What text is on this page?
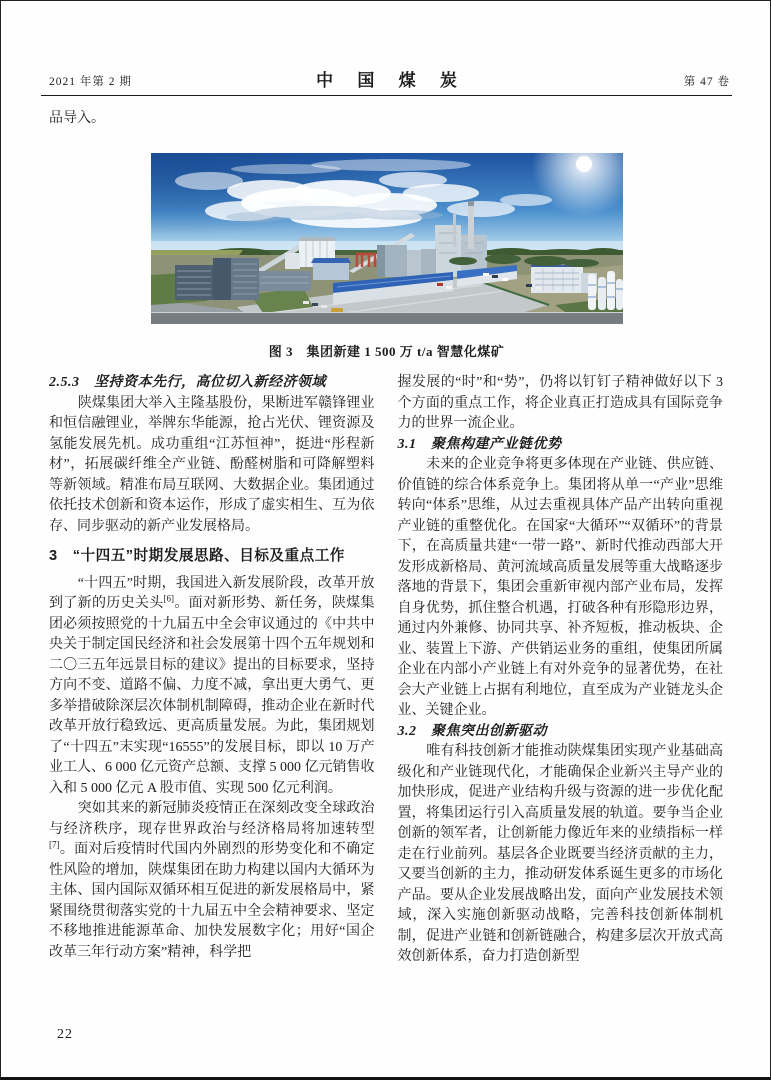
2021 年第 2 期	中 国 煤 炭	第 47 卷
品导入。
图 3　集团新建 1 500 万 t/a 智慧化煤矿

2.5.3　坚持资本先行，高位切入新经济领域

陕煤集团大举入主隆基股份，果断进军赣锋锂业和恒信融锂业，举牌东华能源，抢占光伏、锂资源及氢能发展先机。成功重组“江苏恒神”，挺进“彤程新材”，拓展碳纤维全产业链、酚醛树脂和可降解塑料等新领域。精准布局互联网、大数据企业。集团通过依托技术创新和资本运作，形成了虚实相生、互为依存、同步驱动的新产业发展格局。

3　“十四五”时期发展思路、目标及重点工作

“十四五”时期，我国进入新发展阶段，改革开放到了新的历史关头[6]。面对新形势、新任务，陕煤集团必须按照党的十九届五中全会审议通过的《中共中央关于制定国民经济和社会发展第十四个五年规划和二〇三五年远景目标的建议》提出的目标要求，坚持方向不变、道路不偏、力度不减，拿出更大勇气、更多举措破除深层次体制机制障碍，推动企业在新时代改革开放行稳致远、更高质量发展。为此，集团规划了“十四五”末实现“16555”的发展目标，即以 10 万产业工人、6 000 亿元资产总额、支撑 5 000 亿元销售收入和 5 000 亿元 A 股市值、实现 500 亿元利润。

突如其来的新冠肺炎疫情正在深刻改变全球政治与经济秩序，现存世界政治与经济格局将加速转型[7]。面对后疫情时代国内外剧烈的形势变化和不确定性风险的增加，陕煤集团在助力构建以国内大循环为主体、国内国际双循环相互促进的新发展格局中，紧紧围绕贯彻落实党的十九届五中全会精神要求、坚定不移地推进能源革命、加快发展数字化；用好“国企改革三年行动方案”精神，科学把

握发展的“时”和“势”，仍将以钉钉子精神做好以下 3 个方面的重点工作，将企业真正打造成具有国际竞争力的世界一流企业。

3.1　聚焦构建产业链优势

未来的企业竞争将更多体现在产业链、供应链、价值链的综合体系竞争上。集团将从单一“产业”思维转向“体系”思维，从过去重视具体产品产出转向重视产业链的重整优化。在国家“大循环”“双循环”的背景下，在高质量共建“一带一路”、新时代推动西部大开发形成新格局、黄河流域高质量发展等重大战略逐步落地的背景下，集团会重新审视内部产业布局，发挥自身优势，抓住整合机遇，打破各种有形隐形边界，通过内外兼修、协同共享、补齐短板，推动板块、企业、装置上下游、产供销运业务的重组，使集团所属企业在内部小产业链上有对外竞争的显著优势，在社会大产业链上占据有利地位，直至成为产业链龙头企业、关键企业。

3.2　聚焦突出创新驱动

唯有科技创新才能推动陕煤集团实现产业基础高级化和产业链现代化，才能确保企业新兴主导产业的加快形成，促进产业结构升级与资源的进一步优化配置，将集团运行引入高质量发展的轨道。要争当企业创新的领军者，让创新能力像近年来的业绩指标一样走在行业前列。基层各企业既要当经济贡献的主力，又要当创新的主力，推动研发体系诞生更多的市场化产品。要从企业发展战略出发，面向产业发展技术领域，深入实施创新驱动战略，完善科技创新体制机制，促进产业链和创新链融合，构建多层次开放式高效创新体系，奋力打造创新型

22
